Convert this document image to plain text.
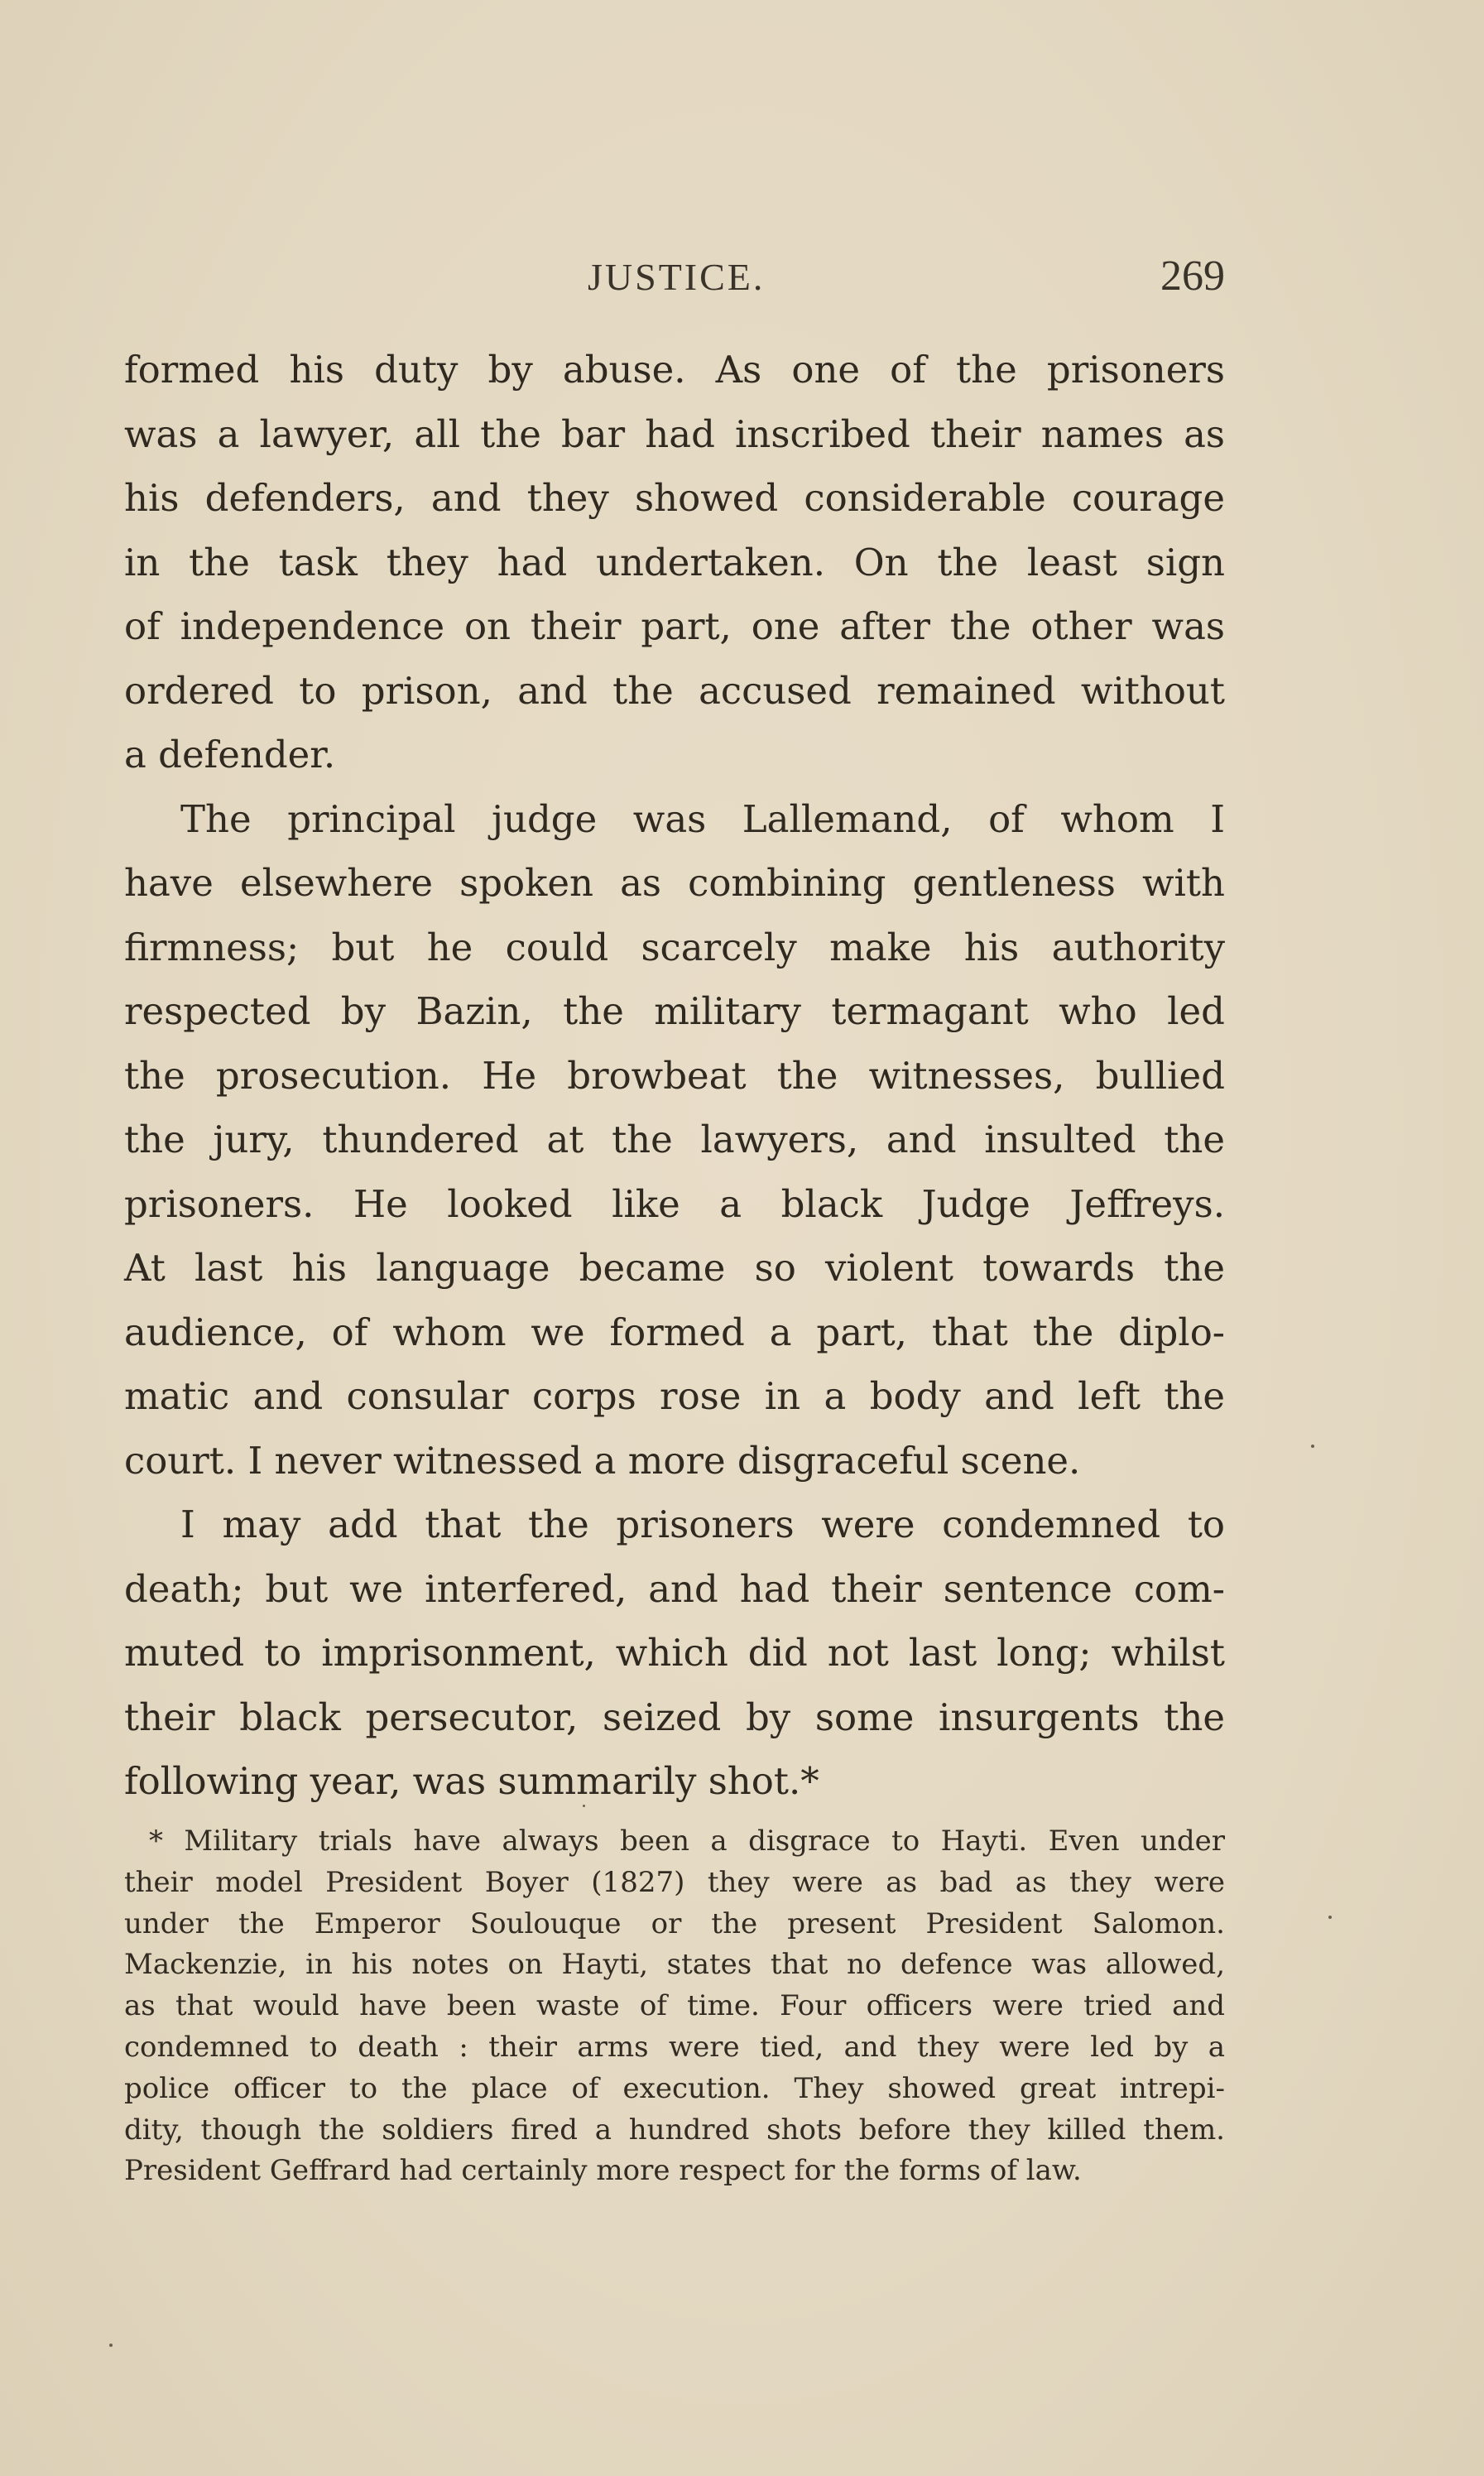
JUSTICE.	269
formed his duty by abuse. As one of the prisoners
was a lawyer, all the bar had inscribed their names as
his defenders, and they showed considerable courage
in the task they had undertaken. On the least sign
of independence on their part, one after the other was
ordered to prison, and the accused remained without
a defender.
The principal judge was Lallemand, of whom I
have elsewhere spoken as combining gentleness with
firmness; but he could scarcely make his authority
respected by Bazin, the military termagant who led
the prosecution. He browbeat the witnesses, bullied
the jury, thundered at the lawyers, and insulted the
prisoners. He looked like a black Judge Jeffreys.
At last his language became so violent towards the
audience, of whom we formed a part, that the diplo-
matic and consular corps rose in a body and left the
court. I never witnessed a more disgraceful scene.
I may add that the prisoners were condemned to
death; but we interfered, and had their sentence com-
muted to imprisonment, which did not last long; whilst
their black persecutor, seized by some insurgents the
following year, was summarily shot.*
* Military trials have always been a disgrace to Hayti. Even under
their model President Boyer (1827) they were as bad as they were
under the Emperor Soulouque or the present President Salomon.
Mackenzie, in his notes on Hayti, states that no defence was allowed,
as that would have been waste of time. Four officers were tried and
condemned to death : their arms were tied, and they were led by a
police officer to the place of execution. They showed great intrepi-
dity, though the soldiers fired a hundred shots before they killed them.
President Geffrard had certainly more respect for the forms of law.
